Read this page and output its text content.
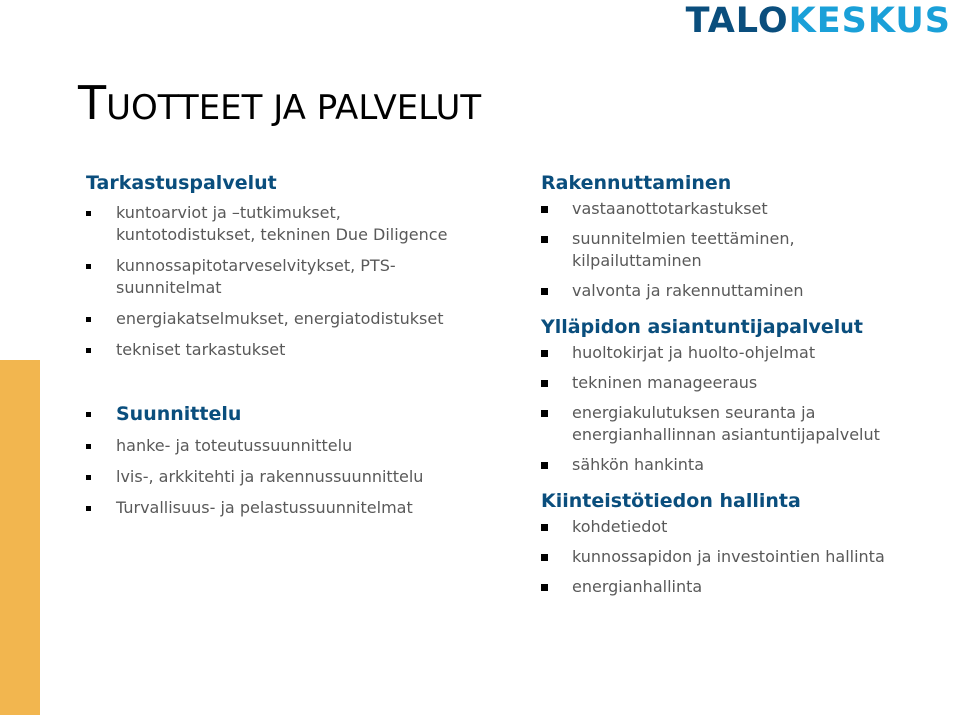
TALOKESKUS
TUOTTEET JA PALVELUT
Tarkastuspalvelut
kuntoarviot ja –tutkimukset,
kuntotodistukset, tekninen Due Diligence
kunnossapitotarveselvitykset, PTS-
suunnitelmat
energiakatselmukset, energiatodistukset
tekniset tarkastukset
Suunnittelu
hanke- ja toteutussuunnittelu
lvis-, arkkitehti ja rakennussuunnittelu
Turvallisuus- ja pelastussuunnitelmat
Rakennuttaminen
vastaanottotarkastukset
suunnitelmien teettäminen,
kilpailuttaminen
valvonta ja rakennuttaminen
Ylläpidon asiantuntijapalvelut
huoltokirjat ja huolto-ohjelmat
tekninen manageeraus
energiakulutuksen seuranta ja
energianhallinnan asiantuntijapalvelut
sähkön hankinta
Kiinteistötiedon hallinta
kohdetiedot
kunnossapidon ja investointien hallinta
energianhallinta
